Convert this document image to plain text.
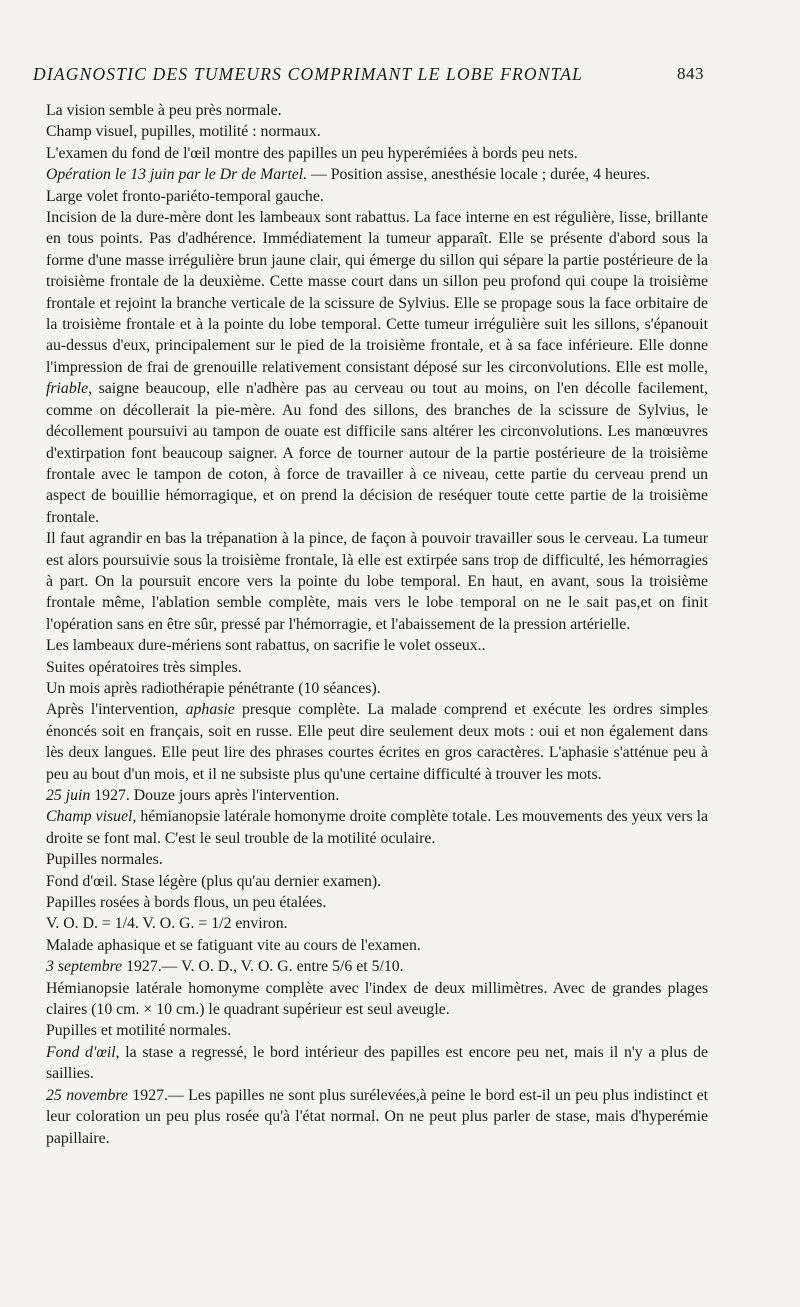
DIAGNOSTIC DES TUMEURS COMPRIMANT LE LOBE FRONTAL	843

La vision semble à peu près normale.

Champ visuel, pupilles, motilité : normaux.

L'examen du fond de l'œil montre des papilles un peu hyperémiées à bords peu nets.

Opération le 13 juin par le Dr de Martel. — Position assise, anesthésie locale ; durée, 4 heures.

Large volet fronto-pariéto-temporal gauche.

Incision de la dure-mère dont les lambeaux sont rabattus. La face interne en est régulière, lisse, brillante en tous points. Pas d'adhérence. Immédiatement la tumeur apparaît. Elle se présente d'abord sous la forme d'une masse irrégulière brun jaune clair, qui émerge du sillon qui sépare la partie postérieure de la troisième frontale de la deuxième. Cette masse court dans un sillon peu profond qui coupe la troisième frontale et rejoint la branche verticale de la scissure de Sylvius. Elle se propage sous la face orbitaire de la troisième frontale et à la pointe du lobe temporal. Cette tumeur irrégulière suit les sillons, s'épanouit au-dessus d'eux, principalement sur le pied de la troisième frontale, et à sa face inférieure. Elle donne l'impression de frai de grenouille relativement consistant déposé sur les circonvolutions. Elle est molle, friable, saigne beaucoup, elle n'adhère pas au cerveau ou tout au moins, on l'en décolle facilement, comme on décollerait la pie-mère. Au fond des sillons, des branches de la scissure de Sylvius, le décollement poursuivi au tampon de ouate est difficile sans altérer les circonvolutions. Les manœuvres d'extirpation font beaucoup saigner. A force de tourner autour de la partie postérieure de la troisième frontale avec le tampon de coton, à force de travailler à ce niveau, cette partie du cerveau prend un aspect de bouillie hémorragique, et on prend la décision de reséquer toute cette partie de la troisième frontale.

Il faut agrandir en bas la trépanation à la pince, de façon à pouvoir travailler sous le cerveau. La tumeur est alors poursuivie sous la troisième frontale, là elle est extirpée sans trop de difficulté, les hémorragies à part. On la poursuit encore vers la pointe du lobe temporal. En haut, en avant, sous la troisième frontale même, l'ablation semble complète, mais vers le lobe temporal on ne le sait pas,et on finit l'opération sans en être sûr, pressé par l'hémorragie, et l'abaissement de la pression artérielle.

Les lambeaux dure-mériens sont rabattus, on sacrifie le volet osseux..

Suites opératoires très simples.

Un mois après radiothérapie pénétrante (10 séances).

Après l'intervention, aphasie presque complète. La malade comprend et exécute les ordres simples énoncés soit en français, soit en russe. Elle peut dire seulement deux mots : oui et non également dans lès deux langues. Elle peut lire des phrases courtes écrites en gros caractères. L'aphasie s'atténue peu à peu au bout d'un mois, et il ne subsiste plus qu'une certaine difficulté à trouver les mots.

25 juin 1927. Douze jours après l'intervention.

Champ visuel, hémianopsie latérale homonyme droite complète totale. Les mouvements des yeux vers la droite se font mal. C'est le seul trouble de la motilité oculaire.

Pupilles normales.

Fond d'œil. Stase légère (plus qu'au dernier examen).

Papilles rosées à bords flous, un peu étalées.

V. O. D. = 1/4. V. O. G. = 1/2 environ.

Malade aphasique et se fatiguant vite au cours de l'examen.

3 septembre 1927.— V. O. D., V. O. G. entre 5/6 et 5/10.

Hémianopsie latérale homonyme complète avec l'index de deux millimètres. Avec de grandes plages claires (10 cm. × 10 cm.) le quadrant supérieur est seul aveugle.

Pupilles et motilité normales.

Fond d'œil, la stase a regressé, le bord intérieur des papilles est encore peu net, mais il n'y a plus de saillies.

25 novembre 1927.— Les papilles ne sont plus surélevées,à peine le bord est-il un peu plus indistinct et leur coloration un peu plus rosée qu'à l'état normal. On ne peut plus parler de stase, mais d'hyperémie papillaire.
